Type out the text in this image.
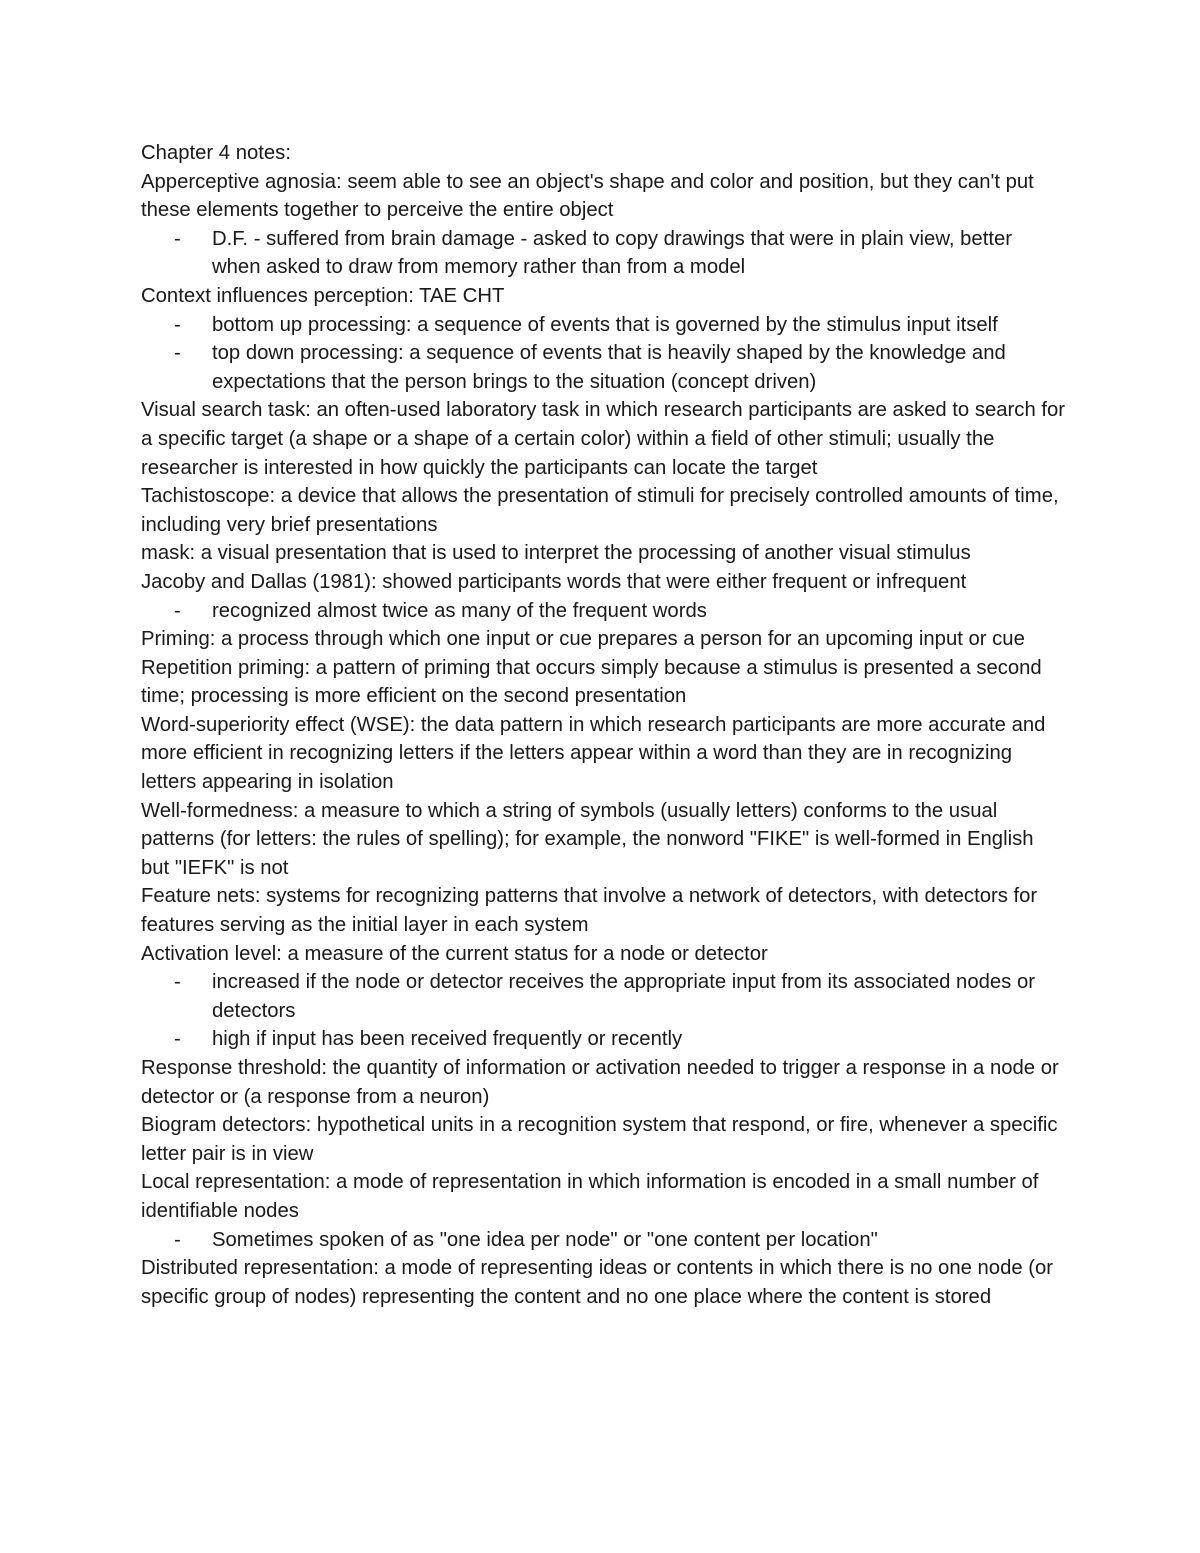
Chapter 4 notes:

Apperceptive agnosia: seem able to see an object's shape and color and position, but they can't put these elements together to perceive the entire object

- D.F. - suffered from brain damage - asked to copy drawings that were in plain view, better when asked to draw from memory rather than from a model

Context influences perception: TAE CHT

- bottom up processing: a sequence of events that is governed by the stimulus input itself
- top down processing: a sequence of events that is heavily shaped by the knowledge and expectations that the person brings to the situation (concept driven)

Visual search task: an often-used laboratory task in which research participants are asked to search for a specific target (a shape or a shape of a certain color) within a field of other stimuli; usually the researcher is interested in how quickly the participants can locate the target

Tachistoscope: a device that allows the presentation of stimuli for precisely controlled amounts of time, including very brief presentations

mask: a visual presentation that is used to interpret the processing of another visual stimulus

Jacoby and Dallas (1981): showed participants words that were either frequent or infrequent

- recognized almost twice as many of the frequent words

Priming: a process through which one input or cue prepares a person for an upcoming input or cue

Repetition priming: a pattern of priming that occurs simply because a stimulus is presented a second time; processing is more efficient on the second presentation

Word-superiority effect (WSE): the data pattern in which research participants are more accurate and more efficient in recognizing letters if the letters appear within a word than they are in recognizing letters appearing in isolation

Well-formedness: a measure to which a string of symbols (usually letters) conforms to the usual patterns (for letters: the rules of spelling); for example, the nonword "FIKE" is well-formed in English but "IEFK" is not

Feature nets: systems for recognizing patterns that involve a network of detectors, with detectors for features serving as the initial layer in each system

Activation level: a measure of the current status for a node or detector

- increased if the node or detector receives the appropriate input from its associated nodes or detectors
- high if input has been received frequently or recently

Response threshold: the quantity of information or activation needed to trigger a response in a node or detector or (a response from a neuron)

Biogram detectors: hypothetical units in a recognition system that respond, or fire, whenever a specific letter pair is in view

Local representation: a mode of representation in which information is encoded in a small number of identifiable nodes

- Sometimes spoken of as "one idea per node" or "one content per location"

Distributed representation: a mode of representing ideas or contents in which there is no one node (or specific group of nodes) representing the content and no one place where the content is stored
